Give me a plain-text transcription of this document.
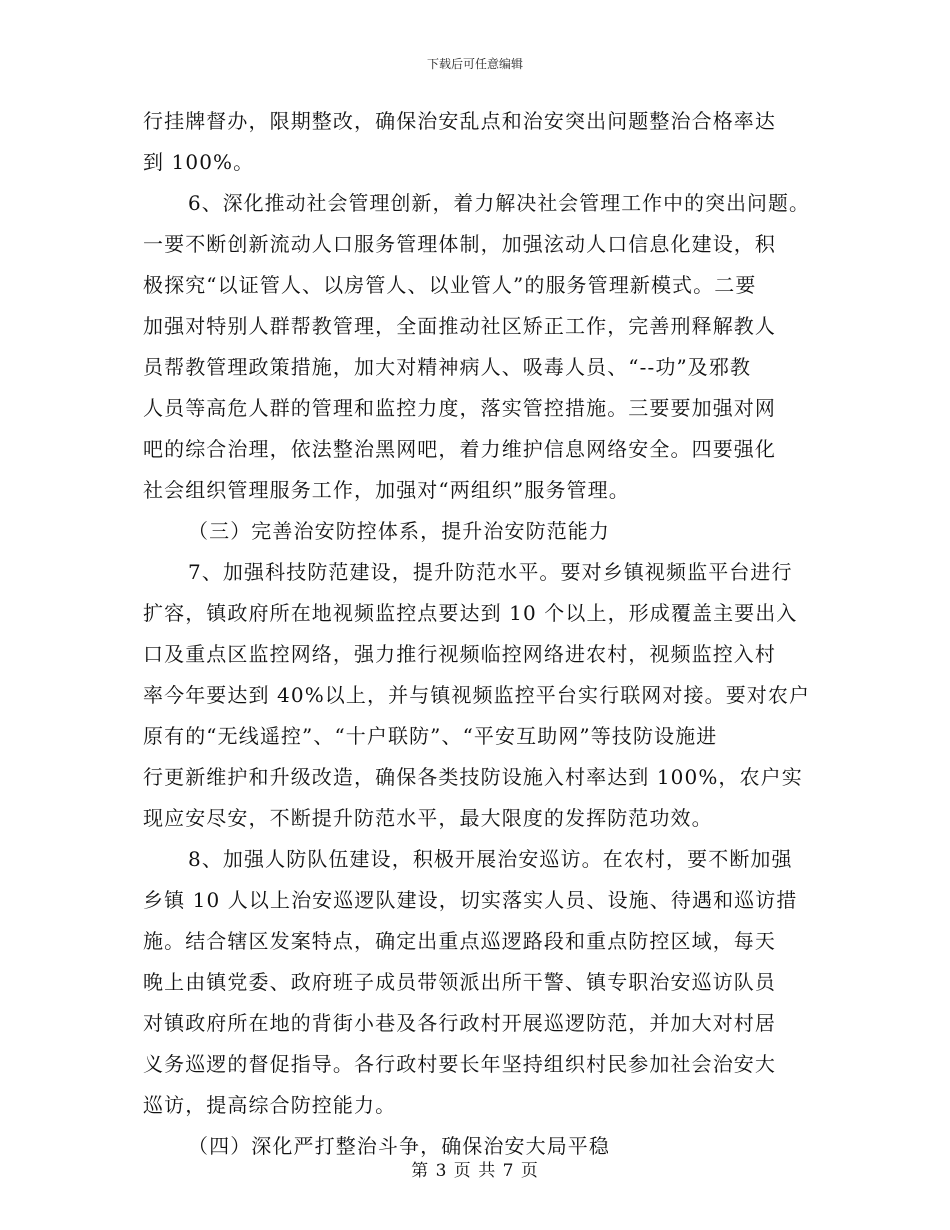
下载后可任意编辑
行挂牌督办，限期整改，确保治安乱点和治安突出问题整治合格率达
到 100%。
6、深化推动社会管理创新，着力解决社会管理工作中的突出问题。
一要不断创新流动人口服务管理体制，加强泫动人口信息化建设，积
极探究“以证管人、以房管人、以业管人”的服务管理新模式。二要
加强对特别人群帮教管理，全面推动社区矫正工作，完善刑释解教人
员帮教管理政策措施，加大对精神病人、吸毒人员、“--功”及邪教
人员等高危人群的管理和监控力度，落实管控措施。三要要加强对网
吧的综合治理，依法整治黑网吧，着力维护信息网络安全。四要强化
社会组织管理服务工作，加强对“两组织”服务管理。
（三）完善治安防控体系，提升治安防范能力
7、加强科技防范建设，提升防范水平。要对乡镇视频监平台进行
扩容，镇政府所在地视频监控点要达到 10 个以上，形成覆盖主要出入
口及重点区监控网络，强力推行视频临控网络进农村，视频监控入村
率今年要达到 40%以上，并与镇视频监控平台实行联网对接。要对农户
原有的“无线遥控”、“十户联防”、“平安互助网”等技防设施进
行更新维护和升级改造，确保各类技防设施入村率达到 100%，农户实
现应安尽安，不断提升防范水平，最大限度的发挥防范功效。
8、加强人防队伍建设，积极开展治安巡访。在农村，要不断加强
乡镇 10 人以上治安巡逻队建设，切实落实人员、设施、待遇和巡访措
施。结合辖区发案特点，确定出重点巡逻路段和重点防控区域，每天
晚上由镇党委、政府班子成员带领派出所干警、镇专职治安巡访队员
对镇政府所在地的背街小巷及各行政村开展巡逻防范，并加大对村居
义务巡逻的督促指导。各行政村要长年坚持组织村民参加社会治安大
巡访，提高综合防控能力。
（四）深化严打整治斗争，确保治安大局平稳
第 3 页 共 7 页
